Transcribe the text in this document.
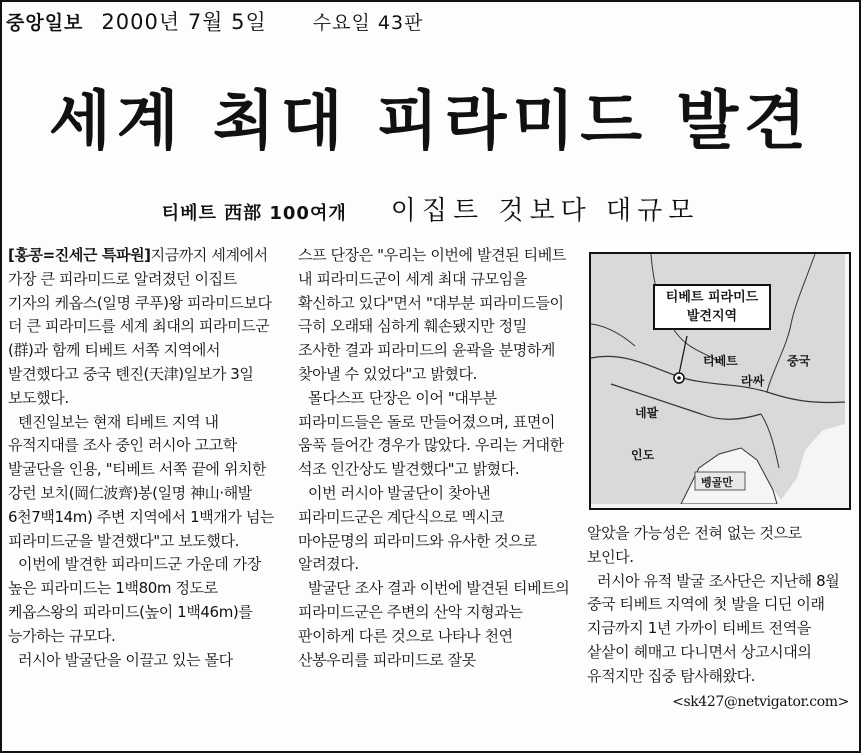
중앙일보 2000년 7월 5일 수요일 43판
세계 최대 피라미드 발견
티베트 西部 100여개 이집트 것보다 대규모

[홍콩=진세근 특파원]지금까지 세계에서 가장 큰 피라미드로 알려졌던 이집트 기자의 케옵스(일명 쿠푸)왕 피라미드보다 더 큰 피라미드를 세계 최대의 피라미드군(群)과 함께 티베트 서쪽 지역에서 발견했다고 중국 톈진(天津)일보가 3일 보도했다.

톈진일보는 현재 티베트 지역 내 유적지대를 조사 중인 러시아 고고학 발굴단을 인용, "티베트 서쪽 끝에 위치한 강런 보치(岡仁波齊)봉(일명 神山·해발 6천7백14m) 주변 지역에서 1백개가 넘는 피라미드군을 발견했다"고 보도했다.

이번에 발견한 피라미드군 가운데 가장 높은 피라미드는 1백80m 정도로 케옵스왕의 피라미드(높이 1백46m)를 능가하는 규모다.

러시아 발굴단을 이끌고 있는 몰다

스프 단장은 "우리는 이번에 발견된 티베트 내 피라미드군이 세계 최대 규모임을 확신하고 있다"면서 "대부분 피라미드들이 극히 오래돼 심하게 훼손됐지만 정밀 조사한 결과 피라미드의 윤곽을 분명하게 찾아낼 수 있었다"고 밝혔다.

몰다스프 단장은 이어 "대부분 피라미드들은 돌로 만들어졌으며, 표면이 움푹 들어간 경우가 많았다. 우리는 거대한 석조 인간상도 발견했다"고 밝혔다.

이번 러시아 발굴단이 찾아낸 피라미드군은 계단식으로 멕시코 마야문명의 피라미드와 유사한 것으로 알려졌다.

발굴단 조사 결과 이번에 발견된 티베트의 피라미드군은 주변의 산악 지형과는 판이하게 다른 것으로 나타나 천연 산봉우리를 피라미드로 잘못

티베트 피라미드
발견지역
티베트	중국
라싸
네팔
인도
벵골만

알았을 가능성은 전혀 없는 것으로 보인다.

러시아 유적 발굴 조사단은 지난해 8월 중국 티베트 지역에 첫 발을 디딘 이래 지금까지 1년 가까이 티베트 전역을 샅샅이 헤매고 다니면서 상고시대의 유적지만 집중 탐사해왔다.

<sk427@netvigator.com>
